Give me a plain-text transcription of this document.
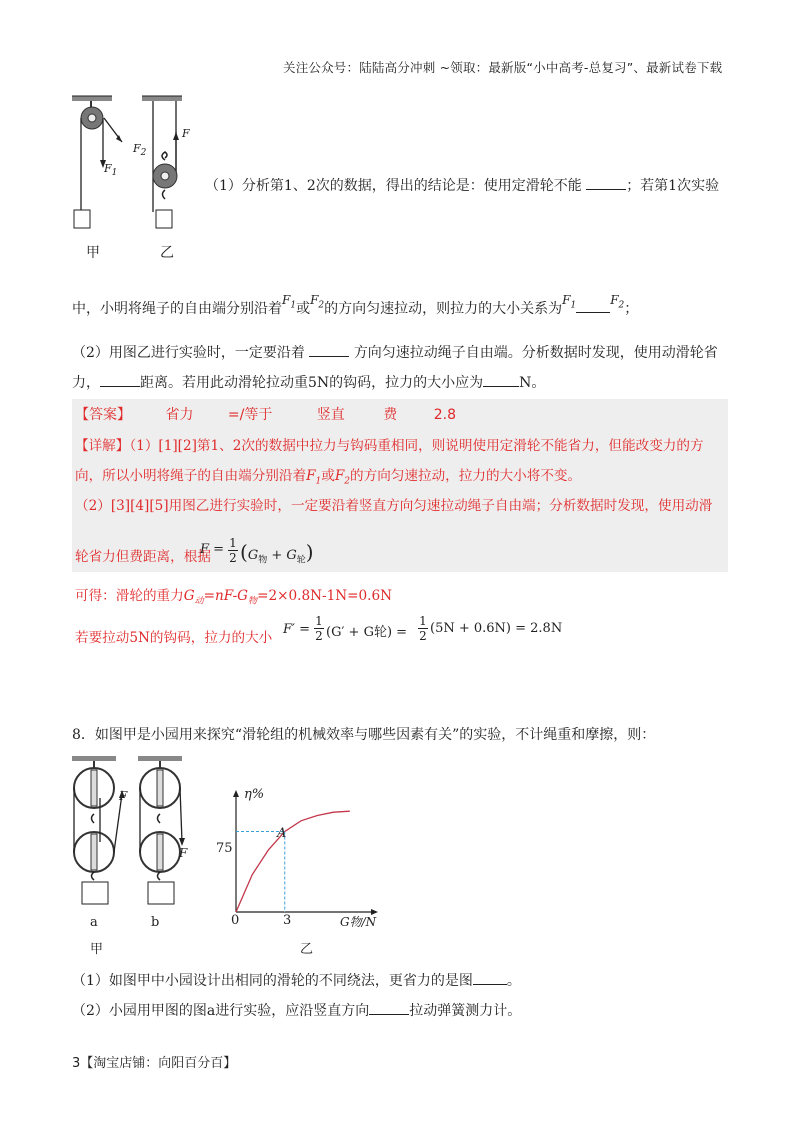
关注公众号：陆陆高分冲刺 ~领取：最新版“小中高考-总复习”、最新试卷下载
$F_2$
$F_1$
F
甲	乙
（1）分析第1、2次的数据，得出的结论是：使用定滑轮不能	；若第1次实验
中，小明将绳子的自由端分别沿着$F_1$或$F_2$的方向匀速拉动，则拉力的大小关系为$F_1$	$F_2$；
（2）用图乙进行实验时，一定要沿着	方向匀速拉动绳子自由端。分析数据时发现，使用动滑轮省
力，	距离。若用此动滑轮拉动重5N的钩码，拉力的大小应为	N。
【答案】 省力 =/等于	竖直	费	2.8
【详解】（1）[1][2]第1、2次的数据中拉力与钩码重相同，则说明使用定滑轮不能省力，但能改变力的方
向，所以小明将绳子的自由端分别沿着$F_1$或$F_2$的方向匀速拉动，拉力的大小将不变。
（2）[3][4][5]用图乙进行实验时，一定要沿着竖直方向匀速拉动绳子自由端；分析数据时发现，使用动滑
轮省力但费距离，根据
F = 1
2 $(G_物 + G_轮)$
可得：滑轮的重力$G_动=nF-G_物=2\times 0.8N-1N=0.6N$
若要拉动5N的钩码，拉力的大小
F′ =
1
2 (G′ + G轮) =
1
2 (5N + 0.6N) = 2.8N
8．如图甲是小园用来探究“滑轮组的机械效率与哪些因素有关”的实验，不计绳重和摩擦，则：
F
F
a	b
甲
η%
75
0	3
A
G物/N
乙
（1）如图甲中小园设计出相同的滑轮的不同绕法，更省力的是图 。
（2）小园用甲图的图a进行实验，应沿竖直方向	拉动弹簧测力计。
3【淘宝店铺：向阳百分百】
